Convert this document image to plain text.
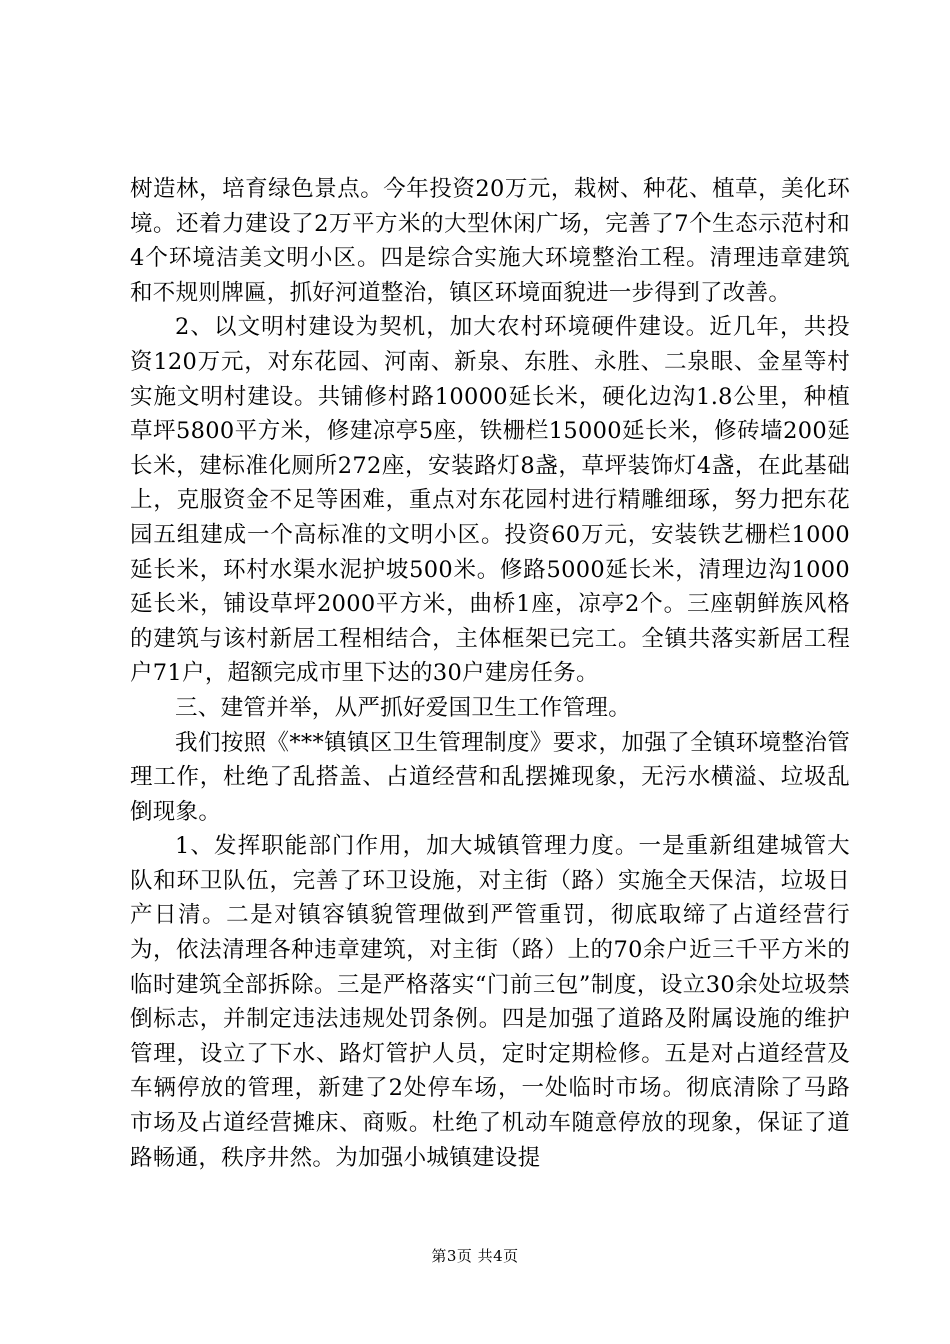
树造林，培育绿色景点。今年投资20万元，栽树、种花、植草，美化环境。还着力建设了2万平方米的大型休闲广场，完善了7个生态示范村和4个环境洁美文明小区。四是综合实施大环境整治工程。清理违章建筑和不规则牌匾，抓好河道整治，镇区环境面貌进一步得到了改善。

2、以文明村建设为契机，加大农村环境硬件建设。近几年，共投资120万元，对东花园、河南、新泉、东胜、永胜、二泉眼、金星等村实施文明村建设。共铺修村路10000延长米，硬化边沟1.8公里，种植草坪5800平方米，修建凉亭5座，铁栅栏15000延长米，修砖墙200延长米，建标准化厕所272座，安装路灯8盏，草坪装饰灯4盏，在此基础上，克服资金不足等困难，重点对东花园村进行精雕细琢，努力把东花园五组建成一个高标准的文明小区。投资60万元，安装铁艺栅栏1000延长米，环村水渠水泥护坡500米。修路5000延长米，清理边沟1000延长米，铺设草坪2000平方米，曲桥1座，凉亭2个。三座朝鲜族风格的建筑与该村新居工程相结合，主体框架已完工。全镇共落实新居工程户71户，超额完成市里下达的30户建房任务。

三、建管并举，从严抓好爱国卫生工作管理。

我们按照《***镇镇区卫生管理制度》要求，加强了全镇环境整治管理工作，杜绝了乱搭盖、占道经营和乱摆摊现象，无污水横溢、垃圾乱倒现象。

1、发挥职能部门作用，加大城镇管理力度。一是重新组建城管大队和环卫队伍，完善了环卫设施，对主街（路）实施全天保洁，垃圾日产日清。二是对镇容镇貌管理做到严管重罚，彻底取缔了占道经营行为，依法清理各种违章建筑，对主街（路）上的70余户近三千平方米的临时建筑全部拆除。三是严格落实“门前三包”制度，设立30余处垃圾禁倒标志，并制定违法违规处罚条例。四是加强了道路及附属设施的维护管理，设立了下水、路灯管护人员，定时定期检修。五是对占道经营及车辆停放的管理，新建了2处停车场，一处临时市场。彻底清除了马路市场及占道经营摊床、商贩。杜绝了机动车随意停放的现象，保证了道路畅通，秩序井然。为加强小城镇建设提

第3页 共4页
